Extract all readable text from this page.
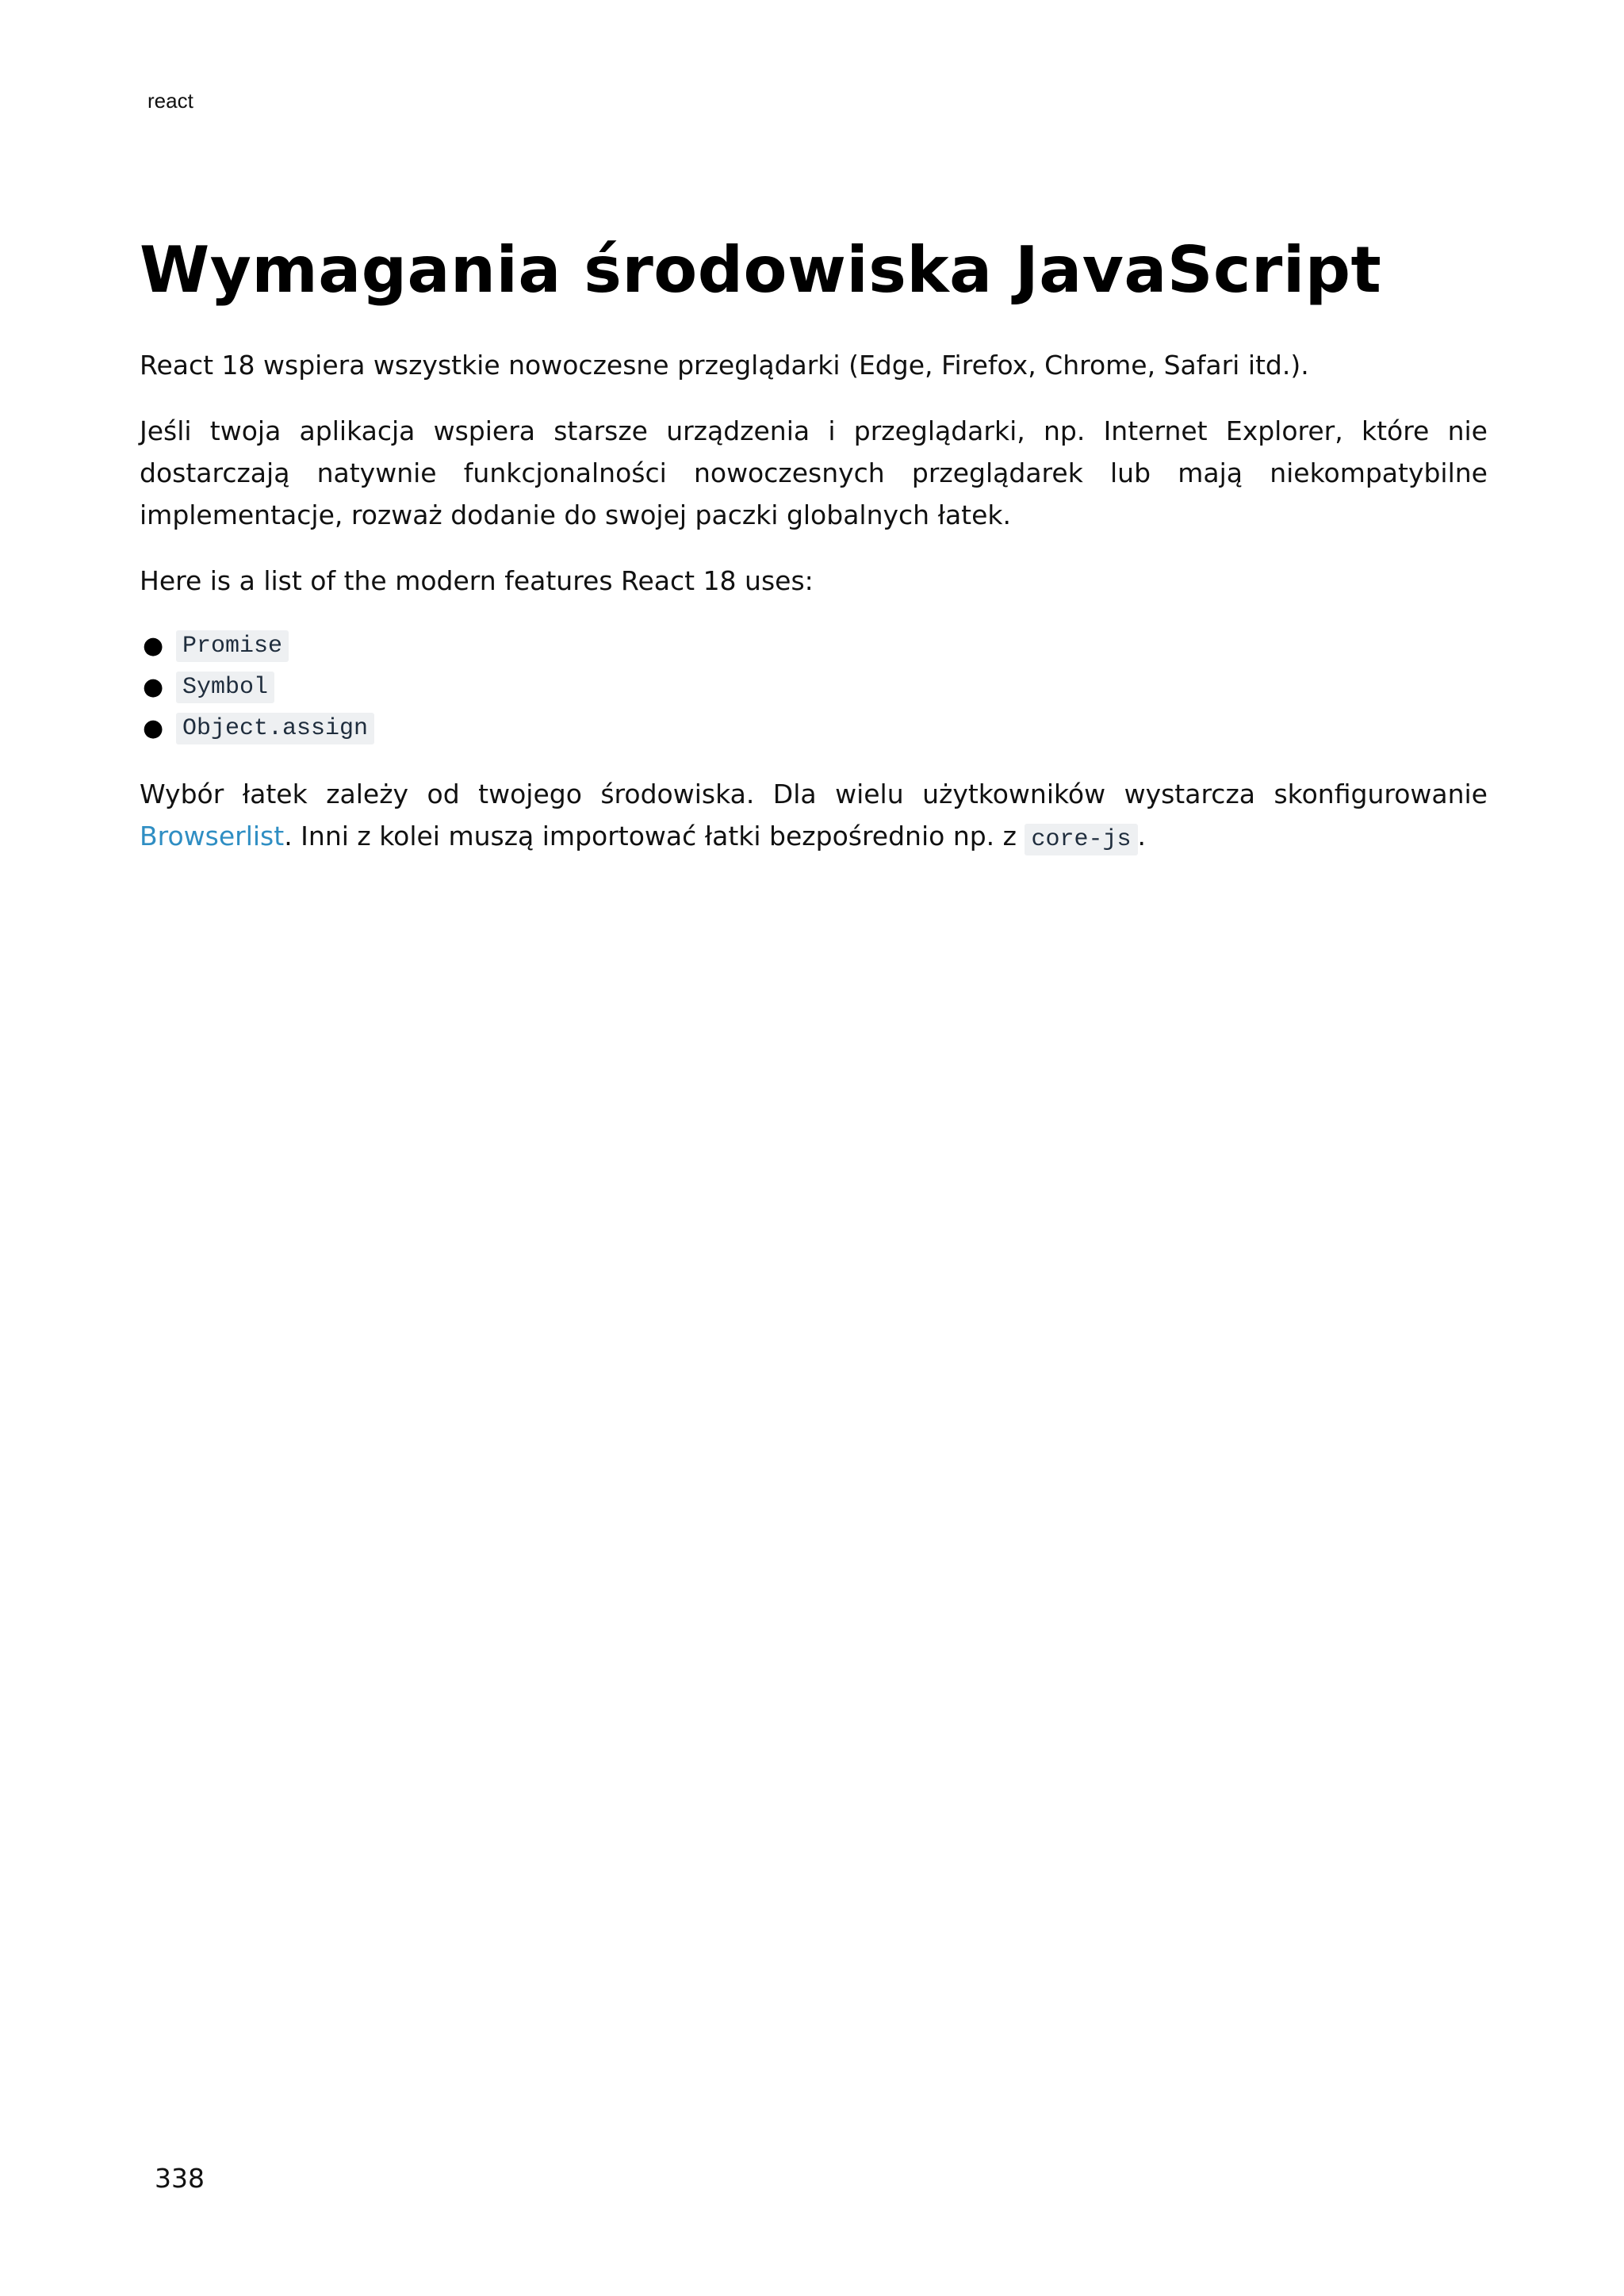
react
Wymagania środowiska JavaScript

React 18 wspiera wszystkie nowoczesne przeglądarki (Edge, Firefox, Chrome, Safari itd.).

Jeśli twoja aplikacja wspiera starsze urządzenia i przeglądarki, np. Internet Explorer, które nie dostarczają natywnie funkcjonalności nowoczesnych przeglądarek lub mają niekompatybilne implementacje, rozważ dodanie do swojej paczki globalnych łatek.

Here is a list of the modern features React 18 uses:

● Promise
● Symbol
● Object.assign

Wybór łatek zależy od twojego środowiska. Dla wielu użytkowników wystarcza skonfigurowanie Browserlist. Inni z kolei muszą importować łatki bezpośrednio np. z core-js .

338
